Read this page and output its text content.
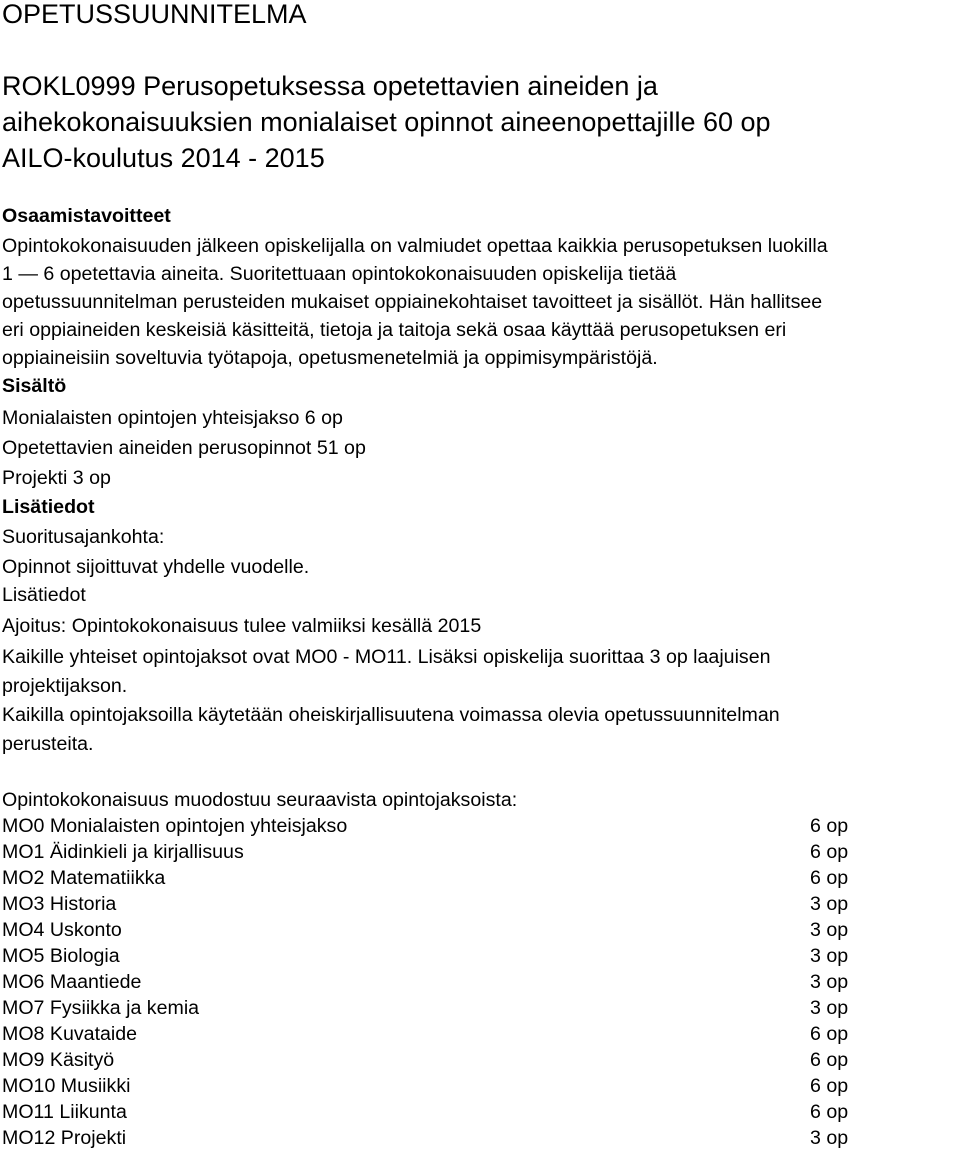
OPETUSSUUNNITELMA
ROKL0999 Perusopetuksessa opetettavien aineiden ja
aihekokonaisuuksien monialaiset opinnot aineenopettajille 60 op
AILO-koulutus 2014 - 2015
Osaamistavoitteet
Opintokokonaisuuden jälkeen opiskelijalla on valmiudet opettaa kaikkia perusopetuksen luokilla
1 — 6 opetettavia aineita. Suoritettuaan opintokokonaisuuden opiskelija tietää
opetussuunnitelman perusteiden mukaiset oppiainekohtaiset tavoitteet ja sisällöt. Hän hallitsee
eri oppiaineiden keskeisiä käsitteitä, tietoja ja taitoja sekä osaa käyttää perusopetuksen eri
oppiaineisiin soveltuvia työtapoja, opetusmenetelmiä ja oppimisympäristöjä.
Sisältö
Monialaisten opintojen yhteisjakso 6 op
Opetettavien aineiden perusopinnot 51 op
Projekti 3 op
Lisätiedot
Suoritusajankohta:
Opinnot sijoittuvat yhdelle vuodelle.
Lisätiedot
Ajoitus: Opintokokonaisuus tulee valmiiksi kesällä 2015
Kaikille yhteiset opintojaksot ovat MO0 - MO11. Lisäksi opiskelija suorittaa 3 op laajuisen
projektijakson.
Kaikilla opintojaksoilla käytetään oheiskirjallisuutena voimassa olevia opetussuunnitelman
perusteita.
Opintokokonaisuus muodostuu seuraavista opintojaksoista:
MO0 Monialaisten opintojen yhteisjakso	6 op
MO1 Äidinkieli ja kirjallisuus	6 op
MO2 Matematiikka	6 op
MO3 Historia	3 op
MO4 Uskonto	3 op
MO5 Biologia	3 op
MO6 Maantiede	3 op
MO7 Fysiikka ja kemia	3 op
MO8 Kuvataide	6 op
MO9 Käsityö	6 op
MO10 Musiikki	6 op
MO11 Liikunta	6 op
MO12 Projekti	3 op
